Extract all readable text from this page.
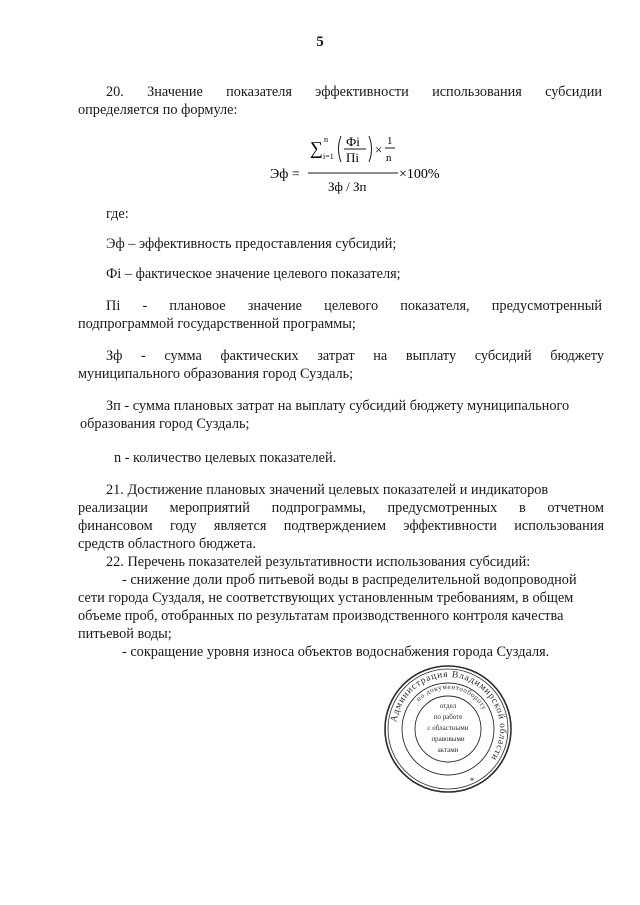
5
20. Значение показателя эффективности использования субсидии
определяется по формуле:
Эф =
∑ n
i=1
Фi
Пi
×
1
n
Зф / Зп
×100%
где:
Эф – эффективность предоставления субсидий;
Фi – фактическое значение целевого показателя;
Пi - плановое значение целевого показателя, предусмотренный
подпрограммой государственной программы;
Зф - сумма фактических затрат на выплату субсидий бюджету
муниципального образования город Суздаль;
Зп - сумма плановых затрат на выплату субсидий бюджету муниципального
образования город Суздаль;
n - количество целевых показателей.
21. Достижение плановых значений целевых показателей и индикаторов
реализации мероприятий подпрограммы, предусмотренных в отчетном
финансовом году является подтверждением эффективности использования
средств областного бюджета.
22. Перечень показателей результативности использования субсидий:
- снижение доли проб питьевой воды в распределительной водопроводной
сети города Суздаля, не соответствующих установленным требованиям, в общем
объеме проб, отобранных по результатам производственного контроля качества
питьевой воды;
- сокращение уровня износа объектов водоснабжения города Суздаля.
Администрация Владимирской области
по документообороту
отдел
по работе
с областными
правовыми
актами
*
